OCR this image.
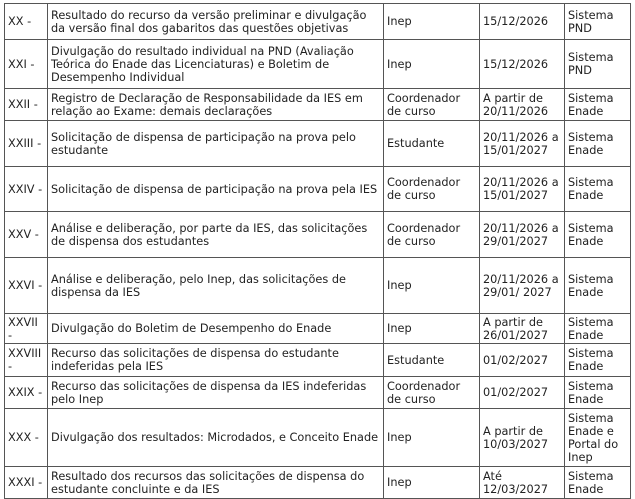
XX -	Resultado do recurso da versão preliminar e divulgação da versão final dos gabaritos das questões objetivas	Inep	15/12/2026	Sistema PND
XXI -	Divulgação do resultado individual na PND (Avaliação Teórica do Enade das Licenciaturas) e Boletim de Desempenho Individual	Inep	15/12/2026	Sistema PND
XXII -	Registro de Declaração de Responsabilidade da IES em relação ao Exame: demais declarações	Coordenador de curso	A partir de 20/11/2026	Sistema Enade
XXIII -	Solicitação de dispensa de participação na prova pelo estudante	Estudante	20/11/2026 a 15/01/2027	Sistema Enade
XXIV -	Solicitação de dispensa de participação na prova pela IES	Coordenador de curso	20/11/2026 a 15/01/2027	Sistema Enade
XXV -	Análise e deliberação, por parte da IES, das solicitações de dispensa dos estudantes	Coordenador de curso	20/11/2026 a 29/01/2027	Sistema Enade
XXVI -	Análise e deliberação, pelo Inep, das solicitações de dispensa da IES	Inep	20/11/2026 a 29/01/ 2027	Sistema Enade
XXVII -	Divulgação do Boletim de Desempenho do Enade	Inep	A partir de 26/01/2027	Sistema Enade
XXVIII -	Recurso das solicitações de dispensa do estudante indeferidas pela IES	Estudante	01/02/2027	Sistema Enade
XXIX -	Recurso das solicitações de dispensa da IES indeferidas pelo Inep	Coordenador de curso	01/02/2027	Sistema Enade
XXX -	Divulgação dos resultados: Microdados, e Conceito Enade	Inep	A partir de 10/03/2027	Sistema Enade e Portal do Inep
XXXI -	Resultado dos recursos das solicitações de dispensa do estudante concluinte e da IES	Inep	Até 12/03/2027	Sistema Enade
